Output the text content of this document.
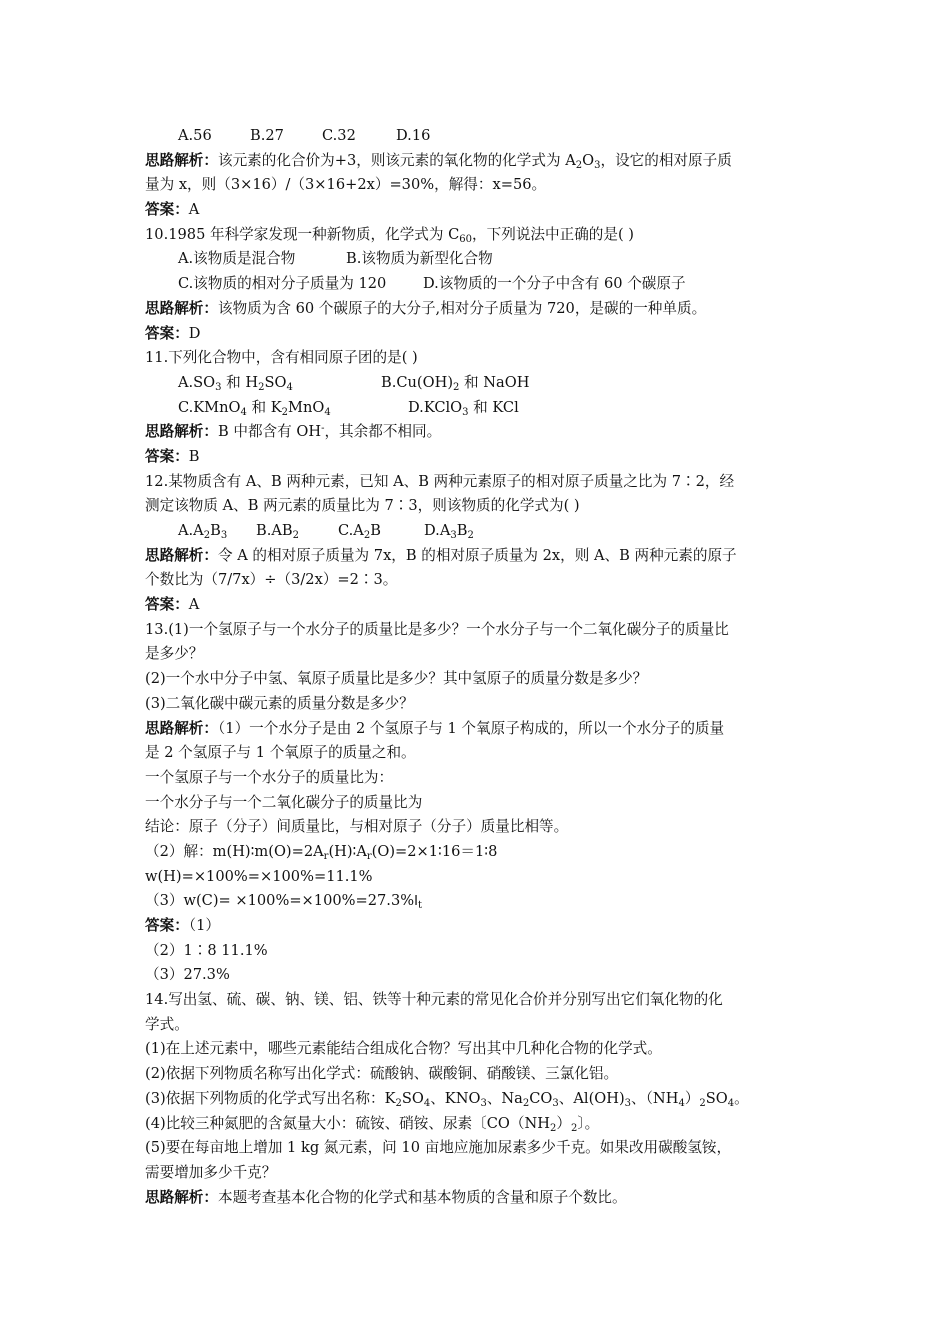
A.56	B.27	C.32	D.16
思路解析：该元素的化合价为+3，则该元素的氧化物的化学式为 $A_2O_3$，设它的相对原子质
量为 x，则（3×16）/（3×16+2x）=30%，解得：x=56。
答案：A
10.1985 年科学家发现一种新物质，化学式为 $C_{60}$，下列说法中正确的是( )
A.该物质是混合物	B.该物质为新型化合物
C.该物质的相对分子质量为 120	D.该物质的一个分子中含有 60 个碳原子
思路解析：该物质为含 60 个碳原子的大分子,相对分子质量为 720，是碳的一种单质。
答案：D
11.下列化合物中，含有相同原子团的是( )
$A.SO_3$ 和 $H_2SO_4$	$B.Cu(OH)_2$ 和 NaOH
C.KMnO$_4$ 和 $K_2MnO_4$	D.KClO$_3$ 和 KCl
思路解析：B 中都含有 OH-，其余都不相同。
答案：B
12.某物质含有 A、B 两种元素，已知 A、B 两种元素原子的相对原子质量之比为 7∶2，经
测定该物质 A、B 两元素的质量比为 7∶3，则该物质的化学式为( )
$A.A_2B_3$ $B.AB_2$	$C.A_2B$	$D.A_3B_2$
思路解析：令 A 的相对原子质量为 7x，B 的相对原子质量为 2x，则 A、B 两种元素的原子
个数比为（7/7x）÷（3/2x）=2∶3。
答案：A
13.(1)一个氢原子与一个水分子的质量比是多少？一个水分子与一个二氧化碳分子的质量比
是多少？
(2)一个水中分子中氢、氧原子质量比是多少？其中氢原子的质量分数是多少？
(3)二氧化碳中碳元素的质量分数是多少？
思路解析：（1）一个水分子是由 2 个氢原子与 1 个氧原子构成的，所以一个水分子的质量
是 2 个氢原子与 1 个氧原子的质量之和。
一个氢原子与一个水分子的质量比为：
一个水分子与一个二氧化碳分子的质量比为
结论：原子（分子）间质量比，与相对原子（分子）质量比相等。
（2）解：$m(H)∶m(O)=2A_r(H)∶A_r(O)=2\times 1∶16=1∶8$
w(H)=×100%=×100%=11.1%
$(3)w(C)= \times 100\%=\times 100\%=27.3\%I_t$
答案：（1）
（2）1∶8 11.1%
（3）27.3%
14.写出氢、硫、碳、钠、镁、铝、铁等十种元素的常见化合价并分别写出它们氧化物的化
学式。
(1)在上述元素中，哪些元素能结合组成化合物？写出其中几种化合物的化学式。
(2)依据下列物质名称写出化学式：硫酸钠、碳酸铜、硝酸镁、三氯化铝。
(3)依据下列物质的化学式写出名称：$K_2SO_4$、$KNO_3$、$Na_2CO_3$、$Al(OH)_3$、$(NH_4)_2SO_4$。
(4)比较三种氮肥的含氮量大小：硫铵、硝铵、尿素〔$CO(NH_2)_2$〕。
(5)要在每亩地上增加 1 kg 氮元素，问 10 亩地应施加尿素多少千克。如果改用碳酸氢铵，
需要增加多少千克？
思路解析：本题考查基本化合物的化学式和基本物质的含量和原子个数比。
